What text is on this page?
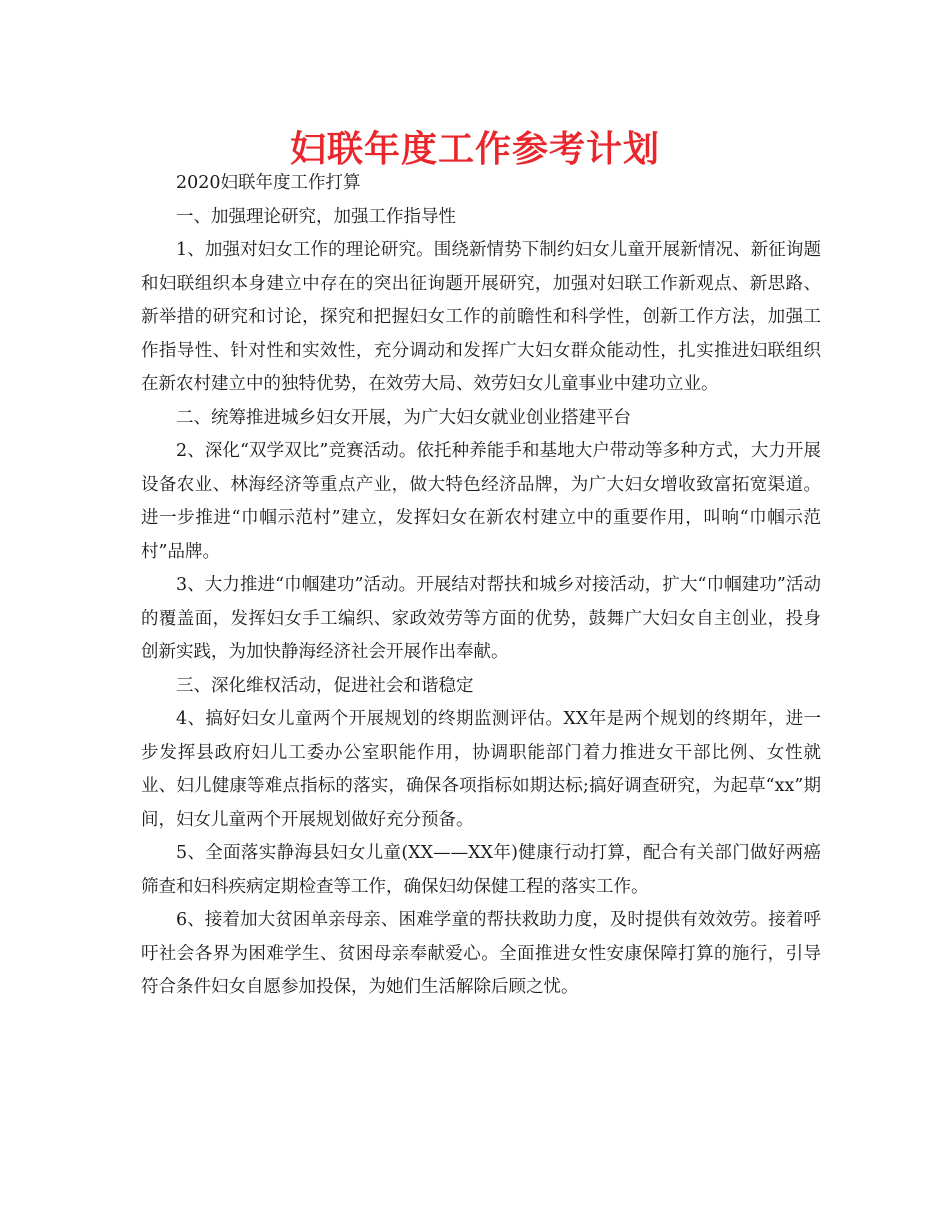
妇联年度工作参考计划

2020妇联年度工作打算

一、加强理论研究，加强工作指导性

1、加强对妇女工作的理论研究。围绕新情势下制约妇女儿童开展新情况、新征询题和妇联组织本身建立中存在的突出征询题开展研究，加强对妇联工作新观点、新思路、新举措的研究和讨论，探究和把握妇女工作的前瞻性和科学性，创新工作方法，加强工作指导性、针对性和实效性，充分调动和发挥广大妇女群众能动性，扎实推进妇联组织在新农村建立中的独特优势，在效劳大局、效劳妇女儿童事业中建功立业。

二、统筹推进城乡妇女开展，为广大妇女就业创业搭建平台

2、深化“双学双比”竞赛活动。依托种养能手和基地大户带动等多种方式，大力开展设备农业、林海经济等重点产业，做大特色经济品牌，为广大妇女增收致富拓宽渠道。进一步推进“巾帼示范村”建立，发挥妇女在新农村建立中的重要作用，叫响“巾帼示范村”品牌。

3、大力推进“巾帼建功”活动。开展结对帮扶和城乡对接活动，扩大“巾帼建功”活动的覆盖面，发挥妇女手工编织、家政效劳等方面的优势，鼓舞广大妇女自主创业，投身创新实践，为加快静海经济社会开展作出奉献。

三、深化维权活动，促进社会和谐稳定

4、搞好妇女儿童两个开展规划的终期监测评估。XX年是两个规划的终期年，进一步发挥县政府妇儿工委办公室职能作用，协调职能部门着力推进女干部比例、女性就业、妇儿健康等难点指标的落实，确保各项指标如期达标;搞好调查研究，为起草“xx”期间，妇女儿童两个开展规划做好充分预备。

5、全面落实静海县妇女儿童(XX——XX年)健康行动打算，配合有关部门做好两癌筛查和妇科疾病定期检查等工作，确保妇幼保健工程的落实工作。

6、接着加大贫困单亲母亲、困难学童的帮扶救助力度，及时提供有效效劳。接着呼吁社会各界为困难学生、贫困母亲奉献爱心。全面推进女性安康保障打算的施行，引导符合条件妇女自愿参加投保，为她们生活解除后顾之忧。
